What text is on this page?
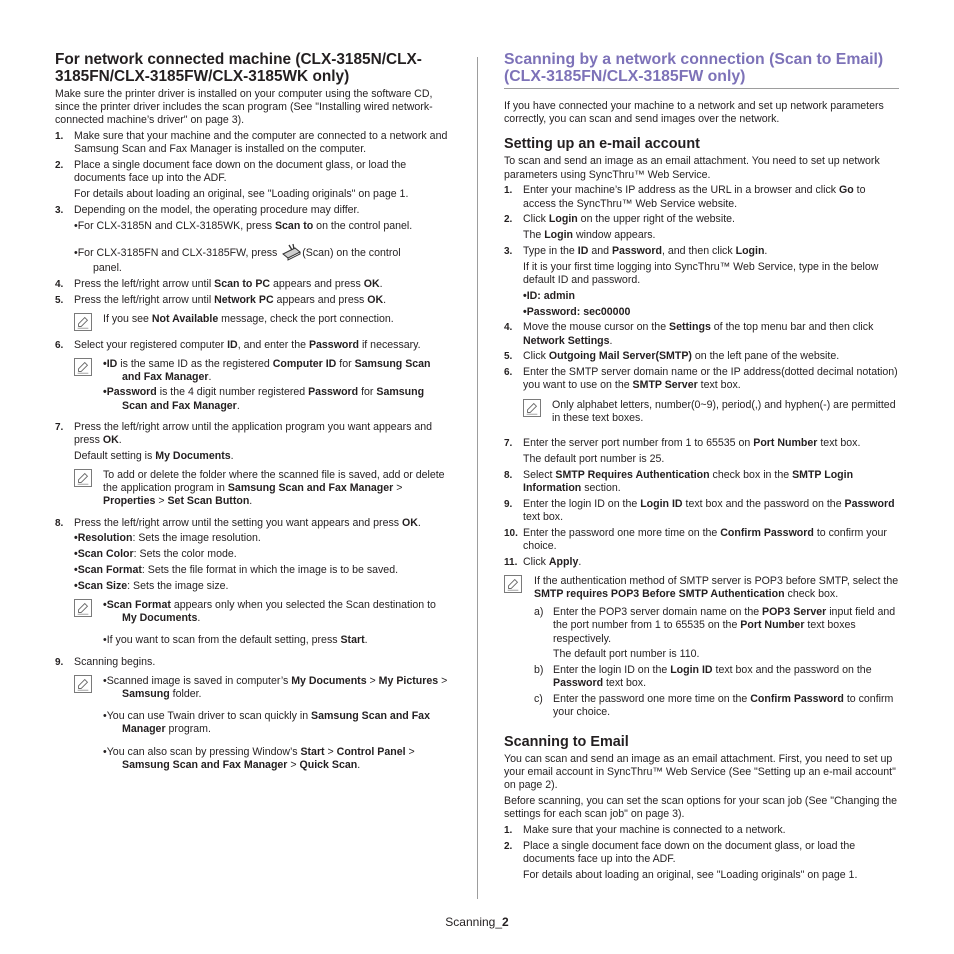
For network connected machine (CLX-3185N/CLX-3185FN/CLX-3185FW/CLX-3185WK only)

Make sure the printer driver is installed on your computer using the software CD, since the printer driver includes the scan program (See "Installing wired network-connected machine’s driver" on page 3).

1.	Make sure that your machine and the computer are connected to a network and Samsung Scan and Fax Manager is installed on the computer.
2.	Place a single document face down on the document glass, or load the documents face up into the ADF.
For details about loading an original, see "Loading originals" on page 1.
3.	Depending on the model, the operating procedure may differ.
•For CLX-3185N and CLX-3185WK, press Scan to on the control panel.
•For CLX-3185FN and CLX-3185FW, press (Scan) on the control
panel.
4.	Press the left/right arrow until Scan to PC appears and press OK.
5.	Press the left/right arrow until Network PC appears and press OK.
If you see Not Available message, check the port connection.
6.	Select your registered computer ID, and enter the Password if necessary.
•ID is the same ID as the registered Computer ID for Samsung Scan and Fax Manager.
•Password is the 4 digit number registered Password for Samsung Scan and Fax Manager.
7.	Press the left/right arrow until the application program you want appears and press OK.
Default setting is My Documents.
To add or delete the folder where the scanned file is saved, add or delete the application program in Samsung Scan and Fax Manager > Properties > Set Scan Button.
8.	Press the left/right arrow until the setting you want appears and press OK.
•Resolution: Sets the image resolution.
•Scan Color: Sets the color mode.
•Scan Format: Sets the file format in which the image is to be saved.
•Scan Size: Sets the image size.
•Scan Format appears only when you selected the Scan destination to My Documents.
•If you want to scan from the default setting, press Start.
9.	Scanning begins.
•Scanned image is saved in computer’s My Documents > My Pictures > Samsung folder.
•You can use Twain driver to scan quickly in Samsung Scan and Fax Manager program.
•You can also scan by pressing Window’s Start > Control Panel > Samsung Scan and Fax Manager > Quick Scan.
Scanning by a network connection (Scan to Email) (CLX-3185FN/CLX-3185FW only)

If you have connected your machine to a network and set up network parameters correctly, you can scan and send images over the network.

Setting up an e-mail account

To scan and send an image as an email attachment. You need to set up network parameters using SyncThru™ Web Service.

1.	Enter your machine’s IP address as the URL in a browser and click Go to access the SyncThru™ Web Service website.
2.	Click Login on the upper right of the website.
The Login window appears.
3.	Type in the ID and Password, and then click Login.
If it is your first time logging into SyncThru™ Web Service, type in the below default ID and password.
•ID: admin
•Password: sec00000
4.	Move the mouse cursor on the Settings of the top menu bar and then click Network Settings.
5.	Click Outgoing Mail Server(SMTP) on the left pane of the website.
6.	Enter the SMTP server domain name or the IP address(dotted decimal notation) you want to use on the SMTP Server text box.
Only alphabet letters, number(0~9), period(,) and hyphen(-) are permitted in these text boxes.
7.	Enter the server port number from 1 to 65535 on Port Number text box.
The default port number is 25.
8.	Select SMTP Requires Authentication check box in the SMTP Login Information section.
9.	Enter the login ID on the Login ID text box and the password on the Password text box.
10. Enter the password one more time on the Confirm Password to confirm your choice.
11. Click Apply.
If the authentication method of SMTP server is POP3 before SMTP, select the SMTP requires POP3 Before SMTP Authentication check box.
a) Enter the POP3 server domain name on the POP3 Server input field and the port number from 1 to 65535 on the Port Number text boxes respectively.
The default port number is 110.
b) Enter the login ID on the Login ID text box and the password on the Password text box.
c) Enter the password one more time on the Confirm Password to confirm your choice.
Scanning to Email

You can scan and send an image as an email attachment. First, you need to set up your email account in SyncThru™ Web Service (See "Setting up an e-mail account" on page 2).

Before scanning, you can set the scan options for your scan job (See "Changing the settings for each scan job" on page 3).

1.	Make sure that your machine is connected to a network.
2.	Place a single document face down on the document glass, or load the documents face up into the ADF.
For details about loading an original, see "Loading originals" on page 1.
Scanning_2
